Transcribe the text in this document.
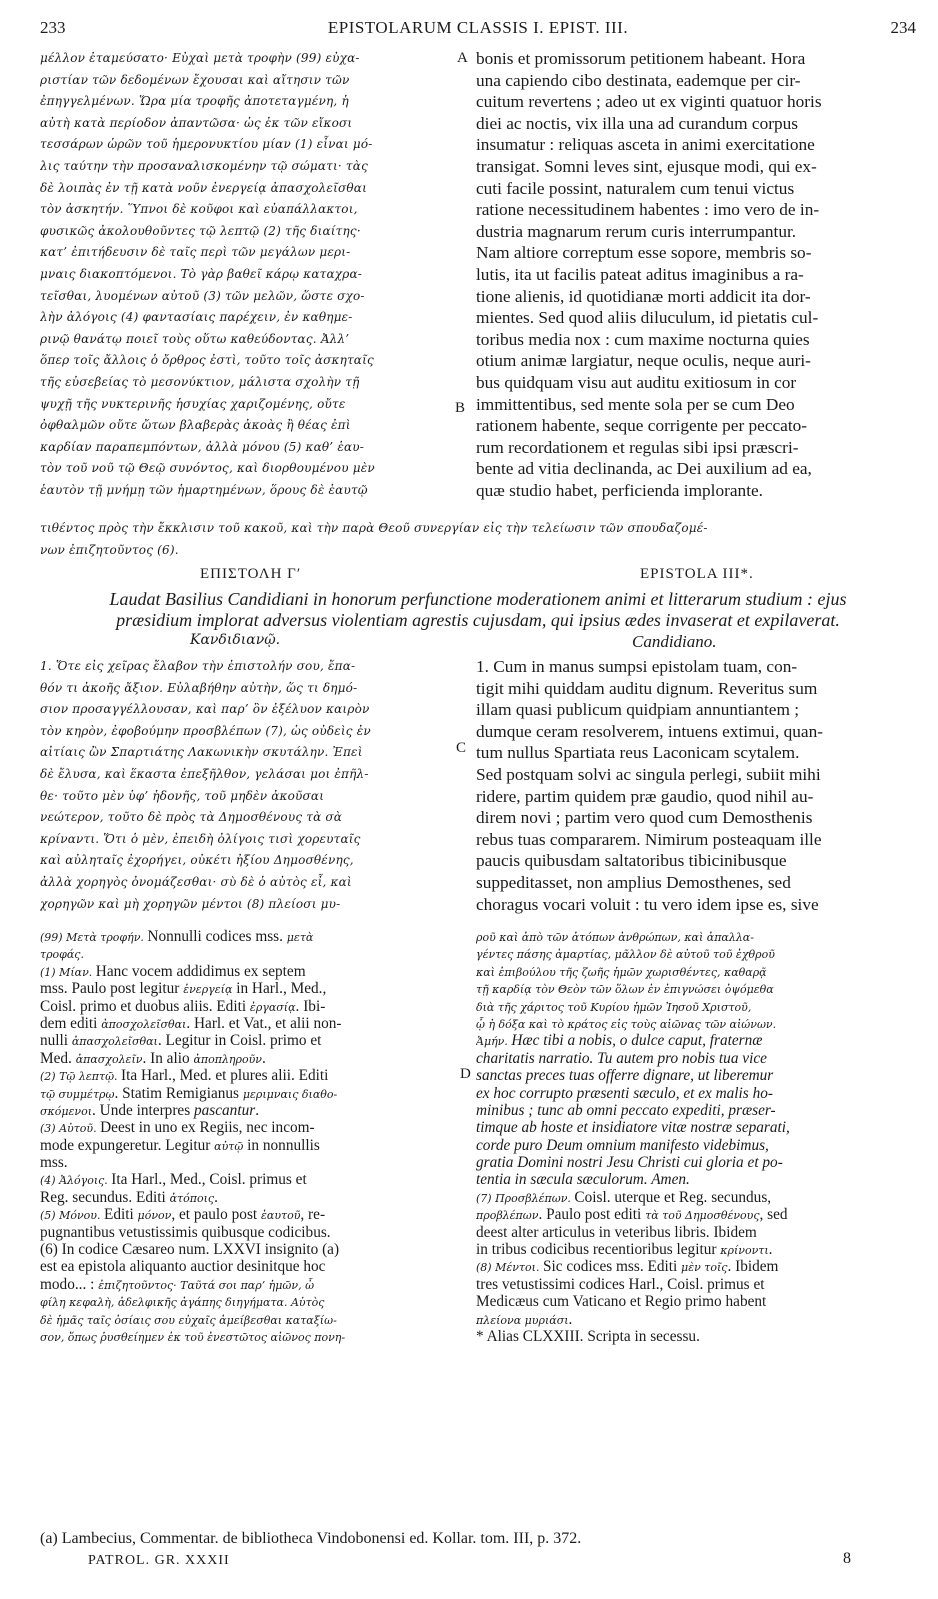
233	EPISTOLARUM CLASSIS I. EPIST. III.	234
μέλλον ἐταμεύσατο· Εὐχαὶ μετὰ τροφὴν (99) εὐχα-
ριστίαν τῶν δεδομένων ἔχουσαι καὶ αἴτησιν τῶν
ἐπηγγελμένων. Ὥρα μία τροφῆς ἀποτεταγμένη, ἡ
αὐτὴ κατὰ περίοδον ἀπαντῶσα· ὡς ἐκ τῶν εἴκοσι
τεσσάρων ὡρῶν τοῦ ἡμερονυκτίου μίαν (1) εἶναι μό-
λις ταύτην τὴν προσαναλισκομένην τῷ σώματι· τὰς
δὲ λοιπὰς ἐν τῇ κατὰ νοῦν ἐνεργείᾳ ἀπασχολεῖσθαι
τὸν ἀσκητήν. Ὕπνοι δὲ κοῦφοι καὶ εὐαπάλλακτοι,
φυσικῶς ἀκολουθοῦντες τῷ λεπτῷ (2) τῆς διαίτης·
κατ’ ἐπιτήδευσιν δὲ ταῖς περὶ τῶν μεγάλων μερι-
μναις διακοπτόμενοι. Τὸ γὰρ βαθεῖ κάρῳ καταχρα-
τεῖσθαι, λυομένων αὐτοῦ (3) τῶν μελῶν, ὥστε σχο-
λὴν ἀλόγοις (4) φαντασίαις παρέχειν, ἐν καθημε-
ρινῷ θανάτῳ ποιεῖ τοὺς οὕτω καθεύδοντας. Ἀλλ’
ὅπερ τοῖς ἄλλοις ὁ ὄρθρος ἐστὶ, τοῦτο τοῖς ἀσκηταῖς
τῆς εὐσεβείας τὸ μεσονύκτιον, μάλιστα σχολὴν τῇ
ψυχῇ τῆς νυκτερινῆς ἡσυχίας χαριζομένης, οὔτε
ὀφθαλμῶν οὔτε ὤτων βλαβερὰς ἀκοὰς ἢ θέας ἐπὶ
καρδίαν παραπεμπόντων, ἀλλὰ μόνου (5) καθ’ ἑαυ-
τὸν τοῦ νοῦ τῷ Θεῷ συνόντος, καὶ διορθουμένου μὲν
ἑαυτὸν τῇ μνήμῃ τῶν ἡμαρτημένων, ὅρους δὲ ἑαυτῷ
bonis et promissorum petitionem habeant. Hora
una capiendo cibo destinata, eademque per cir-
cuitum revertens ; adeo ut ex viginti quatuor horis
diei ac noctis, vix illa una ad curandum corpus
insumatur : reliquas asceta in animi exercitatione
transigat. Somni leves sint, ejusque modi, qui ex-
cuti facile possint, naturalem cum tenui victus
ratione necessitudinem habentes : imo vero de in-
dustria magnarum rerum curis interrumpantur.
Nam altiore correptum esse sopore, membris so-
lutis, ita ut facilis pateat aditus imaginibus a ra-
tione alienis, id quotidianæ morti addicit ita dor-
mientes. Sed quod aliis diluculum, id pietatis cul-
toribus media nox : cum maxime nocturna quies
otium animæ largiatur, neque oculis, neque auri-
bus quidquam visu aut auditu exitiosum in cor
immittentibus, sed mente sola per se cum Deo
rationem habente, seque corrigente per peccato-
rum recordationem et regulas sibi ipsi præscri-
bente ad vitia declinanda, ac Dei auxilium ad ea,
quæ studio habet, perficienda implorante.
A
B
τιθέντος πρὸς τὴν ἔκκλισιν τοῦ κακοῦ, καὶ τὴν παρὰ Θεοῦ συνεργίαν εἰς τὴν τελείωσιν τῶν σπουδαζομέ-
νων ἐπιζητοῦντος (6).
ΕΠΙΣΤΟΛΗ Γʹ	EPISTOLA III*.
Laudat Basilius Candidiani in honorum perfunctione moderationem animi et litterarum studium : ejus
præsidium implorat adversus violentiam agrestis cujusdam, qui ipsius ædes invaserat et expilaverat.
Κανδιδιανῷ.	Candidiano.
1. Ὅτε εἰς χεῖρας ἔλαβον τὴν ἐπιστολήν σου, ἔπα-
θόν τι ἀκοῆς ἄξιον. Εὐλαβήθην αὐτὴν, ὥς τι δημό-
σιον προσαγγέλλουσαν, καὶ παρ’ ὃν ἐξέλυον καιρὸν
τὸν κηρὸν, ἐφοβούμην προσβλέπων (7), ὡς οὐδεὶς ἐν
αἰτίαις ὢν Σπαρτιάτης Λακωνικὴν σκυτάλην. Ἐπεὶ
δὲ ἔλυσα, καὶ ἕκαστα ἐπεξῆλθον, γελάσαι μοι ἐπῆλ-
θε· τοῦτο μὲν ὑφ’ ἡδονῆς, τοῦ μηδὲν ἀκοῦσαι
νεώτερον, τοῦτο δὲ πρὸς τὰ Δημοσθένους τὰ σὰ
κρίναντι. Ὅτι ὁ μὲν, ἐπειδὴ ὀλίγοις τισὶ χορευταῖς
καὶ αὐληταῖς ἐχορήγει, οὐκέτι ἠξίου Δημοσθένης,
ἀλλὰ χορηγὸς ὀνομάζεσθαι· σὺ δὲ ὁ αὐτὸς εἶ, καὶ
χορηγῶν καὶ μὴ χορηγῶν μέντοι (8) πλείοσι μυ-
1. Cum in manus sumpsi epistolam tuam, con-
tigit mihi quiddam auditu dignum. Reveritus sum
illam quasi publicum quidpiam annuntiantem ;
dumque ceram resolverem, intuens extimui, quan-
tum nullus Spartiata reus Laconicam scytalem.
Sed postquam solvi ac singula perlegi, subiit mihi
ridere, partim quidem præ gaudio, quod nihil au-
direm novi ; partim vero quod cum Demosthenis
rebus tuas compararem. Nimirum posteaquam ille
paucis quibusdam saltatoribus tibicinibusque
suppeditasset, non amplius Demosthenes, sed
choragus vocari voluit : tu vero idem ipse es, sive
C
(99) Μετὰ τροφήν. Nonnulli codices mss. μετὰ
τροφάς.
(1) Μίαν. Hanc vocem addidimus ex septem
mss. Paulo post legitur ἐνεργείᾳ in Harl., Med.,
Coisl. primo et duobus aliis. Editi ἐργασίᾳ. Ibi-
dem editi ἀποσχολεῖσθαι. Harl. et Vat., et alii non-
nulli ἀπασχολεῖσθαι. Legitur in Coisl. primo et
Med. ἀπασχολεῖν. In alio ἀποπληροῦν.
(2) Τῷ λεπτῷ. Ita Harl., Med. et plures alii. Editi
τῷ συμμέτρῳ. Statim Remigianus μεριμναις διαθο-
σκόμενοι. Unde interpres pascantur.
(3) Αὐτοῦ. Deest in uno ex Regiis, nec incom-
mode expungeretur. Legitur αὐτῷ in nonnullis
mss.
(4) Ἀλόγοις. Ita Harl., Med., Coisl. primus et
Reg. secundus. Editi ἀτόποις.
(5) Μόνου. Editi μόνον, et paulo post ἑαυτοῦ, re-
pugnantibus vetustissimis quibusque codicibus.
(6) In codice Cæsareo num. LXXVI insignito (a)
est ea epistola aliquanto auctior desinitque hoc
modo... : ἐπιζητοῦντος· Ταῦτά σοι παρ’ ἡμῶν, ὦ
φίλη κεφαλὴ, ἀδελφικῆς ἀγάπης διηγήματα. Αὐτὸς
δὲ ἡμᾶς ταῖς ὁσίαις σου εὐχαῖς ἀμείβεσθαι καταξίω-
σον, ὅπως ῥυσθείημεν ἐκ τοῦ ἐνεστῶτος αἰῶνος πονη-
ροῦ καὶ ἀπὸ τῶν ἀτόπων ἀνθρώπων, καὶ ἀπαλλα-
γέντες πάσης ἁμαρτίας, μᾶλλον δὲ αὐτοῦ τοῦ ἐχθροῦ
καὶ ἐπιβούλου τῆς ζωῆς ἡμῶν χωρισθέντες, καθαρᾷ
τῇ καρδίᾳ τὸν Θεὸν τῶν ὅλων ἐν ἐπιγνώσει ὀψόμεθα
διὰ τῆς χάριτος τοῦ Κυρίου ἡμῶν Ἰησοῦ Χριστοῦ,
ᾧ ἡ δόξα καὶ τὸ κράτος εἰς τοὺς αἰῶνας τῶν αἰώνων.
Ἀμήν. Hæc tibi a nobis, o dulce caput, fraternæ
charitatis narratio. Tu autem pro nobis tua vice
sanctas preces tuas offerre dignare, ut liberemur
ex hoc corrupto præsenti sæculo, et ex malis ho-
minibus ; tunc ab omni peccato expediti, præser-
timque ab hoste et insidiatore vitæ nostræ separati,
corde puro Deum omnium manifesto videbimus,
gratia Domini nostri Jesu Christi cui gloria et po-
tentia in sæcula sæculorum. Amen.
(7) Προσβλέπων. Coisl. uterque et Reg. secundus,
προβλέπων. Paulo post editi τὰ τοῦ Δημοσθένους, sed
deest alter articulus in veteribus libris. Ibidem
in tribus codicibus recentioribus legitur κρίνοντι.
(8) Μέντοι. Sic codices mss. Editi μὲν τοῖς. Ibidem
tres vetustissimi codices Harl., Coisl. primus et
Medicæus cum Vaticano et Regio primo habent
πλείονα μυριάσι.
* Alias CLXXIII. Scripta in secessu.
D
(a) Lambecius, Commentar. de bibliotheca Vindobonensi ed. Kollar. tom. III, p. 372.
PATROL. GR. XXXII	8
